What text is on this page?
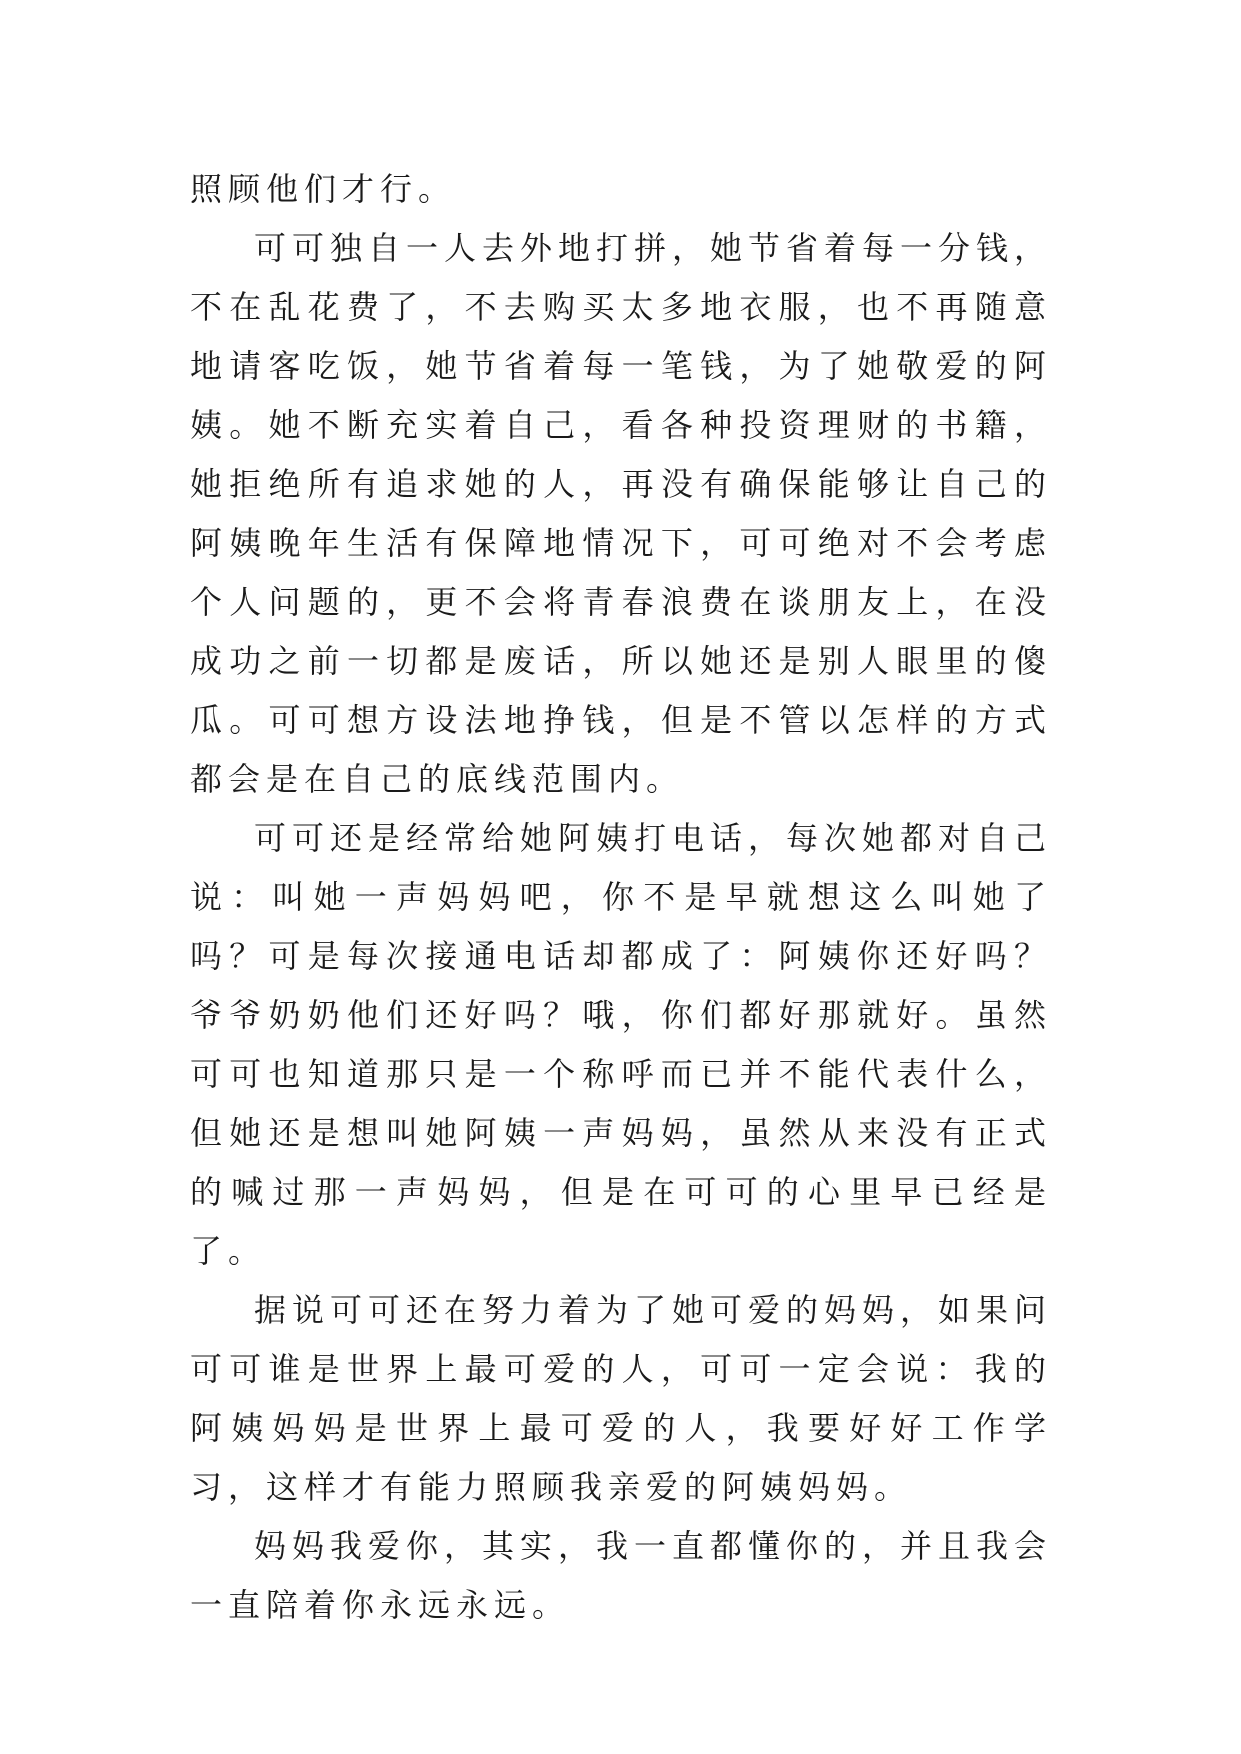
照顾他们才行。

可可独自一人去外地打拼，她节省着每一分钱，不在乱花费了，不去购买太多地衣服，也不再随意地请客吃饭，她节省着每一笔钱，为了她敬爱的阿姨。她不断充实着自己，看各种投资理财的书籍，她拒绝所有追求她的人，再没有确保能够让自己的阿姨晚年生活有保障地情况下，可可绝对不会考虑个人问题的，更不会将青春浪费在谈朋友上，在没成功之前一切都是废话，所以她还是别人眼里的傻瓜。可可想方设法地挣钱，但是不管以怎样的方式都会是在自己的底线范围内。

可可还是经常给她阿姨打电话，每次她都对自己说：叫她一声妈妈吧，你不是早就想这么叫她了吗？可是每次接通电话却都成了：阿姨你还好吗？爷爷奶奶他们还好吗？哦，你们都好那就好。虽然可可也知道那只是一个称呼而已并不能代表什么，但她还是想叫她阿姨一声妈妈，虽然从来没有正式的喊过那一声妈妈，但是在可可的心里早已经是了。

据说可可还在努力着为了她可爱的妈妈，如果问可可谁是世界上最可爱的人，可可一定会说：我的阿姨妈妈是世界上最可爱的人，我要好好工作学习，这样才有能力照顾我亲爱的阿姨妈妈。

妈妈我爱你，其实，我一直都懂你的，并且我会一直陪着你永远永远。
